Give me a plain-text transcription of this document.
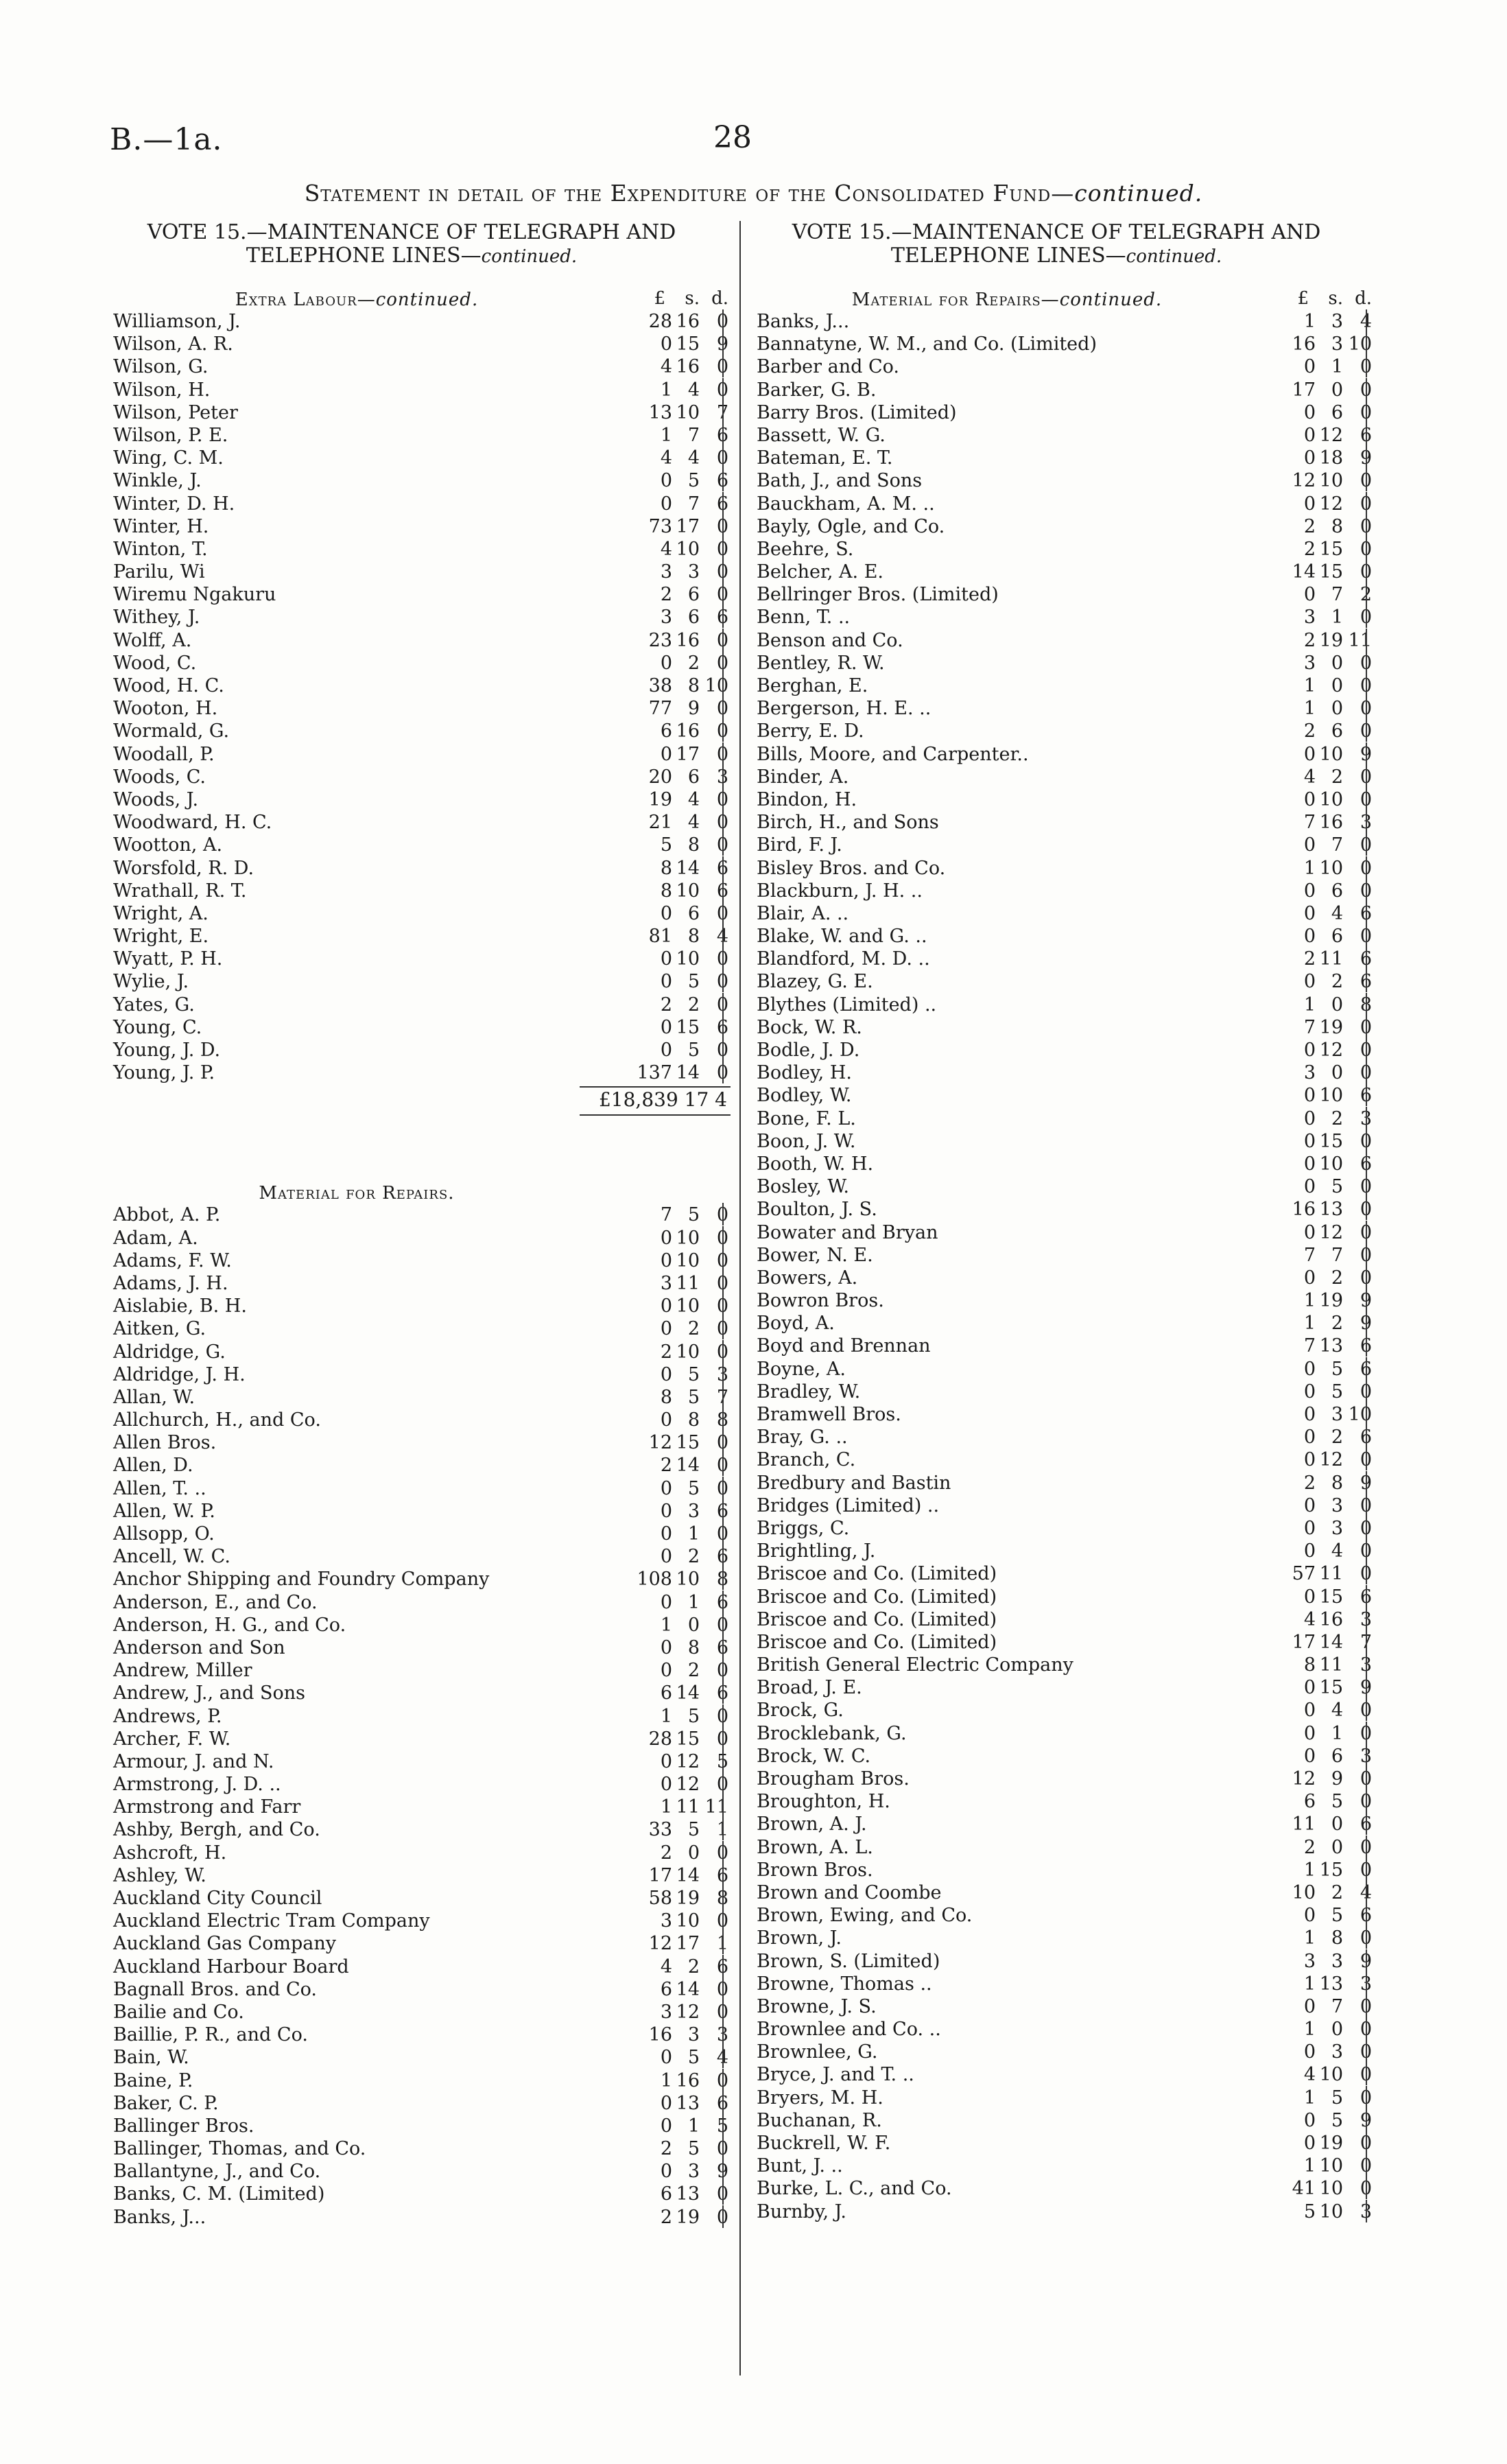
B.—1a.	28
Statement in detail of the Expenditure of the Consolidated Fund—continued.
VOTE 15.—MAINTENANCE OF TELEGRAPH AND
TELEPHONE LINES—continued.
VOTE 15.—MAINTENANCE OF TELEGRAPH AND
TELEPHONE LINES—continued.
Extra Labour—continued.	£	s. d.
Williamson, J.	28 16 0
Wilson, A. R.	0 15 9
Wilson, G.	4 16 0
Wilson, H.	1 4 0
Wilson, Peter	13 10 7
Wilson, P. E.	1 7 6
Wing, C. M.	4 4 0
Winkle, J.	0 5 6
Winter, D. H.	0 7 6
Winter, H.	73 17 0
Winton, T.	4 10 0
Parilu, Wi	3 3 0
Wiremu Ngakuru	2 6 0
Withey, J.	3 6 6
Wolff, A.	23 16 0
Wood, C.	0 2 0
Wood, H. C.	38 8 10
Wooton, H.	77 9 0
Wormald, G.	6 16 0
Woodall, P.	0 17 0
Woods, C.	20 6 3
Woods, J.	19 4 0
Woodward, H. C.	21 4 0
Wootton, A.	5 8 0
Worsfold, R. D.	8 14 6
Wrathall, R. T.	8 10 6
Wright, A.	0 6 0
Wright, E.	81 8 4
Wyatt, P. H.	0 10 0
Wylie, J.	0 5 0
Yates, G.	2 2 0
Young, C.	0 15 6
Young, J. D.	0 5 0
Young, J. P.	137 14 0
£18,839 17 4
Material for Repairs.
Abbot, A. P.	7 5 0
Adam, A.	0 10 0
Adams, F. W.	0 10 0
Adams, J. H.	3 11 0
Aislabie, B. H.	0 10 0
Aitken, G.	0 2 0
Aldridge, G.	2 10 0
Aldridge, J. H.	0 5 3
Allan, W.	8 5 7
Allchurch, H., and Co.	0 8 8
Allen Bros.	12 15 0
Allen, D.	2 14 0
Allen, T. ..	0 5 0
Allen, W. P.	0 3 6
Allsopp, O.	0 1 0
Ancell, W. C.	0 2 6
Anchor Shipping and Foundry Company	108 10 8
Anderson, E., and Co.	0 1 6
Anderson, H. G., and Co.	1 0 0
Anderson and Son	0 8 6
Andrew, Miller	0 2 0
Andrew, J., and Sons	6 14 6
Andrews, P.	1 5 0
Archer, F. W.	28 15 0
Armour, J. and N.	0 12 5
Armstrong, J. D. ..	0 12 0
Armstrong and Farr	1 11 11
Ashby, Bergh, and Co.	33 5 1
Ashcroft, H.	2 0 0
Ashley, W.	17 14 6
Auckland City Council	58 19 8
Auckland Electric Tram Company	3 10 0
Auckland Gas Company	12 17 1
Auckland Harbour Board	4 2 6
Bagnall Bros. and Co.	6 14 0
Bailie and Co.	3 12 0
Baillie, P. R., and Co.	16 3 3
Bain, W.	0 5 4
Baine, P.	1 16 0
Baker, C. P.	0 13 6
Ballinger Bros.	0 1 5
Ballinger, Thomas, and Co.	2 5 0
Ballantyne, J., and Co.	0 3 9
Banks, C. M. (Limited)	6 13 0
Banks, J...	2 19 0
Material for Repairs—continued.	£	s. d.
Banks, J...	1 3 4
Bannatyne, W. M., and Co. (Limited)	16 3 10
Barber and Co.	0 1 0
Barker, G. B.	17 0 0
Barry Bros. (Limited)	0 6 0
Bassett, W. G.	0 12 6
Bateman, E. T.	0 18 9
Bath, J., and Sons	12 10 0
Bauckham, A. M. ..	0 12 0
Bayly, Ogle, and Co.	2 8 0
Beehre, S.	2 15 0
Belcher, A. E.	14 15 0
Bellringer Bros. (Limited)	0 7 2
Benn, T. ..	3 1 0
Benson and Co.	2 19 11
Bentley, R. W.	3 0 0
Berghan, E.	1 0 0
Bergerson, H. E. ..	1 0 0
Berry, E. D.	2 6 0
Bills, Moore, and Carpenter..	0 10 9
Binder, A.	4 2 0
Bindon, H.	0 10 0
Birch, H., and Sons	7 16 3
Bird, F. J.	0 7 0
Bisley Bros. and Co.	1 10 0
Blackburn, J. H. ..	0 6 0
Blair, A. ..	0 4 6
Blake, W. and G. ..	0 6 0
Blandford, M. D. ..	2 11 6
Blazey, G. E.	0 2 6
Blythes (Limited) ..	1 0 8
Bock, W. R.	7 19 0
Bodle, J. D.	0 12 0
Bodley, H.	3 0 0
Bodley, W.	0 10 6
Bone, F. L.	0 2 3
Boon, J. W.	0 15 0
Booth, W. H.	0 10 6
Bosley, W.	0 5 0
Boulton, J. S.	16 13 0
Bowater and Bryan	0 12 0
Bower, N. E.	7 7 0
Bowers, A.	0 2 0
Bowron Bros.	1 19 9
Boyd, A.	1 2 9
Boyd and Brennan	7 13 6
Boyne, A.	0 5 6
Bradley, W.	0 5 0
Bramwell Bros.	0 3 10
Bray, G. ..	0 2 6
Branch, C.	0 12 0
Bredbury and Bastin	2 8 9
Bridges (Limited) ..	0 3 0
Briggs, C.	0 3 0
Brightling, J.	0 4 0
Briscoe and Co. (Limited)	57 11 0
Briscoe and Co. (Limited)	0 15 6
Briscoe and Co. (Limited)	4 16 3
Briscoe and Co. (Limited)	17 14 7
British General Electric Company	8 11 3
Broad, J. E.	0 15 9
Brock, G.	0 4 0
Brocklebank, G.	0 1 0
Brock, W. C.	0 6 3
Brougham Bros.	12 9 0
Broughton, H.	6 5 0
Brown, A. J.	11 0 6
Brown, A. L.	2 0 0
Brown Bros.	1 15 0
Brown and Coombe	10 2 4
Brown, Ewing, and Co.	0 5 6
Brown, J.	1 8 0
Brown, S. (Limited)	3 3 9
Browne, Thomas ..	1 13 3
Browne, J. S.	0 7 0
Brownlee and Co. ..	1 0 0
Brownlee, G.	0 3 0
Bryce, J. and T. ..	4 10 0
Bryers, M. H.	1 5 0
Buchanan, R.	0 5 9
Buckrell, W. F.	0 19 0
Bunt, J. ..	1 10 0
Burke, L. C., and Co.	41 10 0
Burnby, J.	5 10 3
